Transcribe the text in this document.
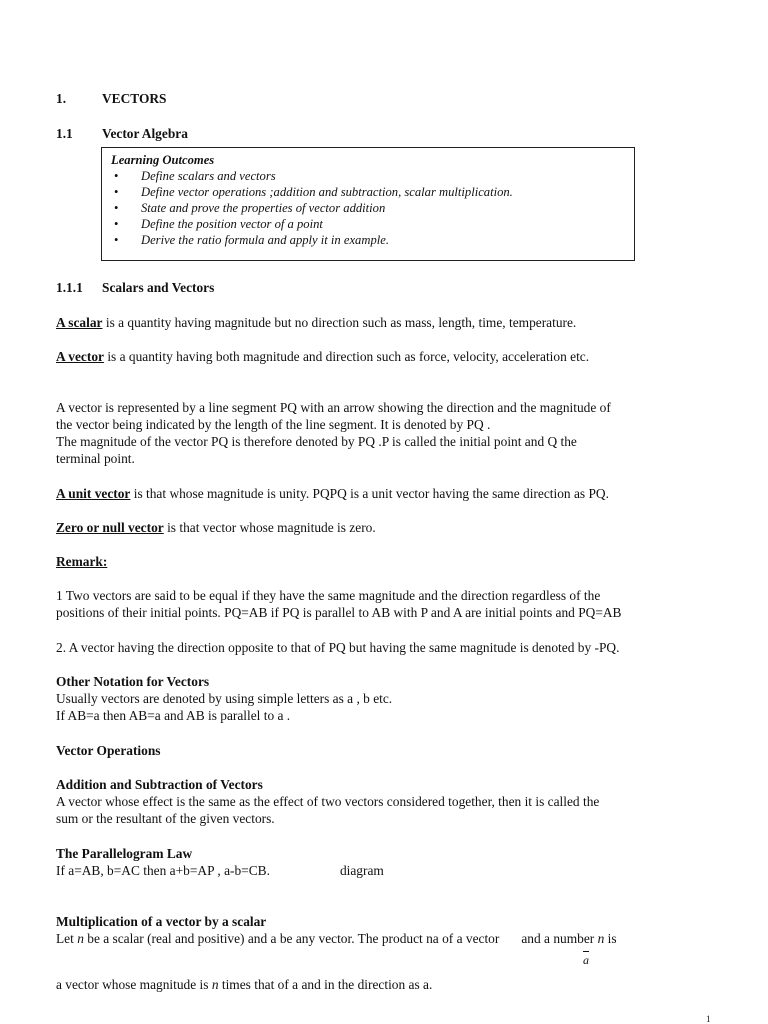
1.	VECTORS
1.1 Vector Algebra
Learning Outcomes
• Define scalars and vectors
• Define vector operations ;addition and subtraction, scalar multiplication.
• State and prove the properties of vector addition
• Define the position vector of a point
• Derive the ratio formula and apply it in example.
1.1.1 Scalars and Vectors

A scalar is a quantity having magnitude but no direction such as mass, length, time, temperature.

A vector is a quantity having both magnitude and direction such as force, velocity, acceleration etc.

A vector is represented by a line segment PQ with an arrow showing the direction and the magnitude of
the vector being indicated by the length of the line segment. It is denoted by PQ .
The magnitude of the vector PQ is therefore denoted by PQ .P is called the initial point and Q the
terminal point.

A unit vector is that whose magnitude is unity. PQPQ is a unit vector having the same direction as PQ.

Zero or null vector is that vector whose magnitude is zero.

Remark:

1 Two vectors are said to be equal if they have the same magnitude and the direction regardless of the
positions of their initial points. PQ=AB if PQ is parallel to AB with P and A are initial points and PQ=AB

2. A vector having the direction opposite to that of PQ but having the same magnitude is denoted by -PQ.

Other Notation for Vectors
Usually vectors are denoted by using simple letters as a , b etc.
If AB=a then AB=a and AB is parallel to a .
Vector Operations
Addition and Subtraction of Vectors
A vector whose effect is the same as the effect of two vectors considered together, then it is called the
sum or the resultant of the given vectors.
The Parallelogram Law
If a=AB, b=AC then a+b=AP , a-b=CB.	diagram
Multiplication of a vector by a scalar
Let n be a scalar (real and positive) and a be any vector. The product na of a vector and a number n is
a
a vector whose magnitude is n times that of a and in the direction as a.
1
